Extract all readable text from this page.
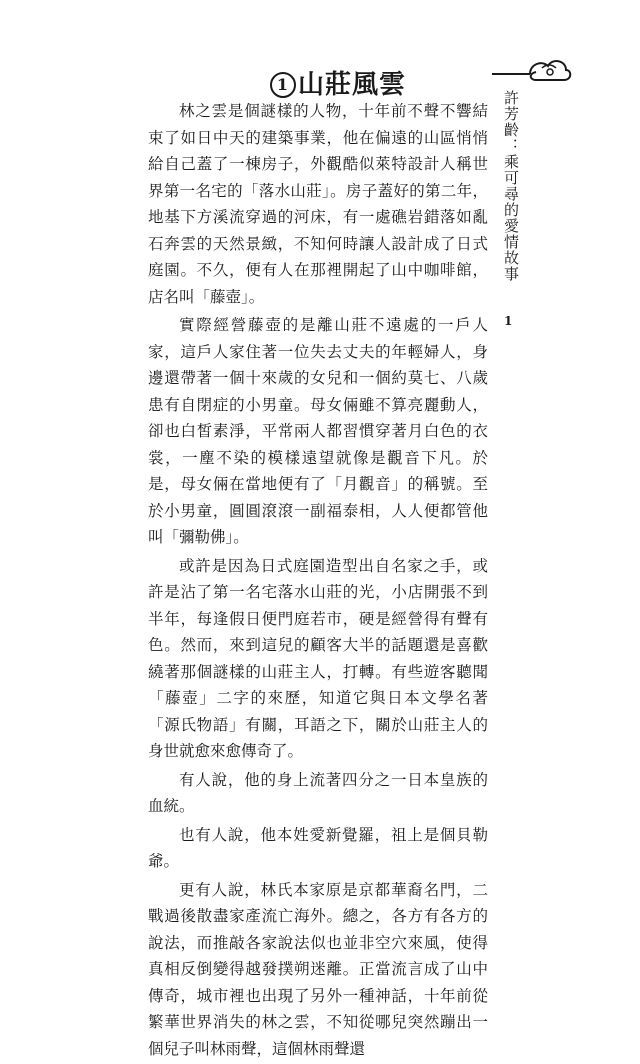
1 山莊風雲
許芳齡：乘可尋的愛情故事
1

林之雲是個謎樣的人物，十年前不聲不響結束了如日中天的建築事業，他在偏遠的山區悄悄給自己蓋了一棟房子，外觀酷似萊特設計人稱世界第一名宅的「落水山莊」。房子蓋好的第二年，地基下方溪流穿過的河床，有一處礁岩錯落如亂石奔雲的天然景緻，不知何時讓人設計成了日式庭園。不久，便有人在那裡開起了山中咖啡館，店名叫「藤壺」。

實際經營藤壺的是離山莊不遠處的一戶人家，這戶人家住著一位失去丈夫的年輕婦人，身邊還帶著一個十來歲的女兒和一個約莫七、八歲患有自閉症的小男童。母女倆雖不算亮麗動人，卻也白皙素淨，平常兩人都習慣穿著月白色的衣裳，一塵不染的模樣遠望就像是觀音下凡。於是，母女倆在當地便有了「月觀音」的稱號。至於小男童，圓圓滾滾一副福泰相，人人便都管他叫「彌勒佛」。

或許是因為日式庭園造型出自名家之手，或許是沾了第一名宅落水山莊的光，小店開張不到半年，每逢假日便門庭若市，硬是經營得有聲有色。然而，來到這兒的顧客大半的話題還是喜歡繞著那個謎樣的山莊主人，打轉。有些遊客聽聞「藤壺」二字的來歷，知道它與日本文學名著「源氏物語」有關，耳語之下，關於山莊主人的身世就愈來愈傳奇了。

有人說，他的身上流著四分之一日本皇族的血統。

也有人說，他本姓愛新覺羅，祖上是個貝勒爺。

更有人說，林氏本家原是京都華裔名門，二戰過後散盡家產流亡海外。總之，各方有各方的說法，而推敲各家說法似也並非空穴來風，使得真相反倒變得越發撲朔迷離。正當流言成了山中傳奇，城市裡也出現了另外一種神話，十年前從繁華世界消失的林之雲，不知從哪兒突然蹦出一個兒子叫林雨聲，這個林雨聲還
